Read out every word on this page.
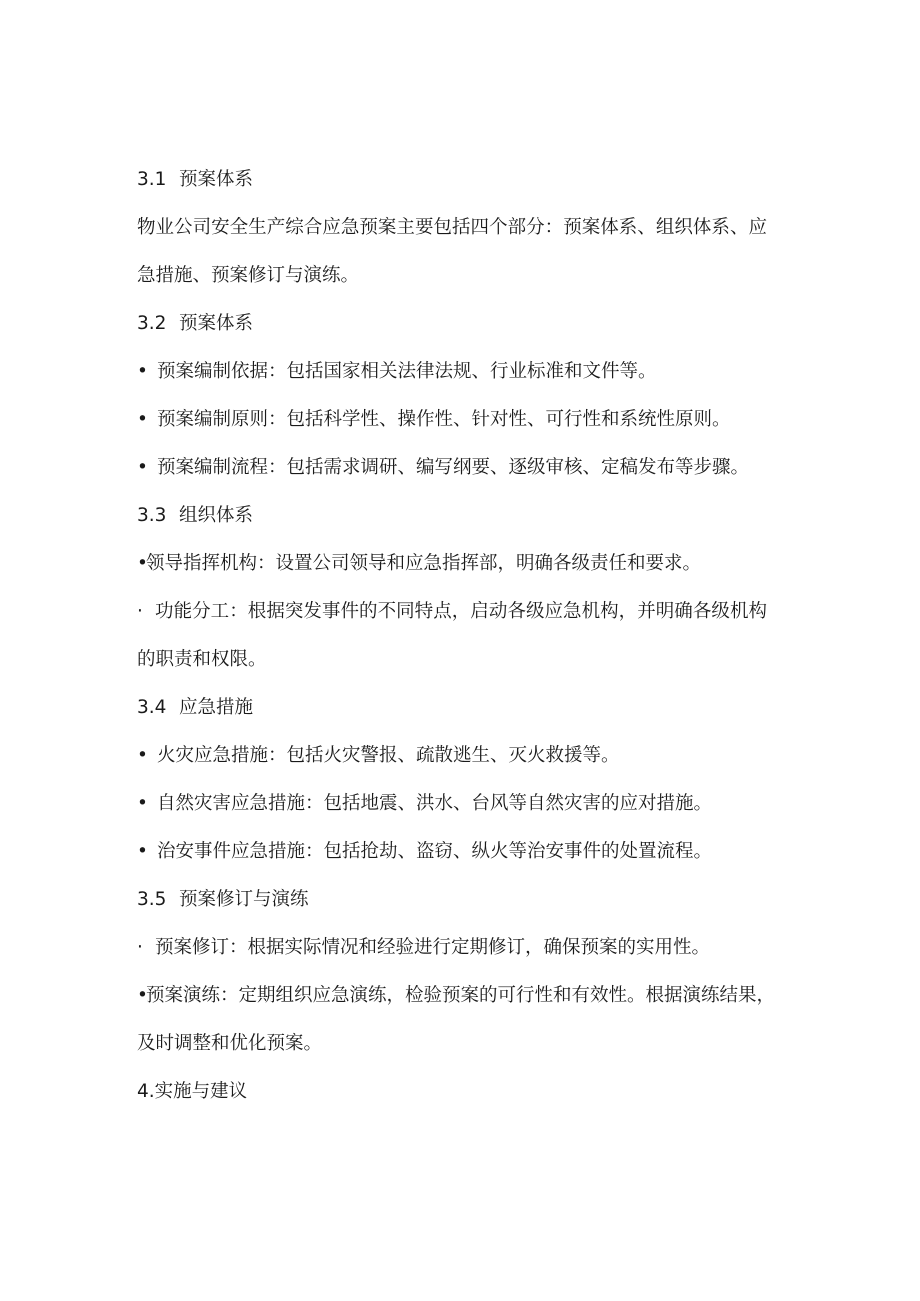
3.1 预案体系
物业公司安全生产综合应急预案主要包括四个部分：预案体系、组织体系、应
急措施、预案修订与演练。
3.2 预案体系
• 预案编制依据：包括国家相关法律法规、行业标准和文件等。
• 预案编制原则：包括科学性、操作性、针对性、可行性和系统性原则。
• 预案编制流程：包括需求调研、编写纲要、逐级审核、定稿发布等步骤。
3.3 组织体系
•领导指挥机构：设置公司领导和应急指挥部，明确各级责任和要求。
· 功能分工：根据突发事件的不同特点，启动各级应急机构，并明确各级机构
的职责和权限。
3.4 应急措施
• 火灾应急措施：包括火灾警报、疏散逃生、灭火救援等。
• 自然灾害应急措施：包括地震、洪水、台风等自然灾害的应对措施。
• 治安事件应急措施：包括抢劫、盗窃、纵火等治安事件的处置流程。
3.5 预案修订与演练
· 预案修订：根据实际情况和经验进行定期修订，确保预案的实用性。
•预案演练：定期组织应急演练，检验预案的可行性和有效性。根据演练结果，
及时调整和优化预案。
4.实施与建议
